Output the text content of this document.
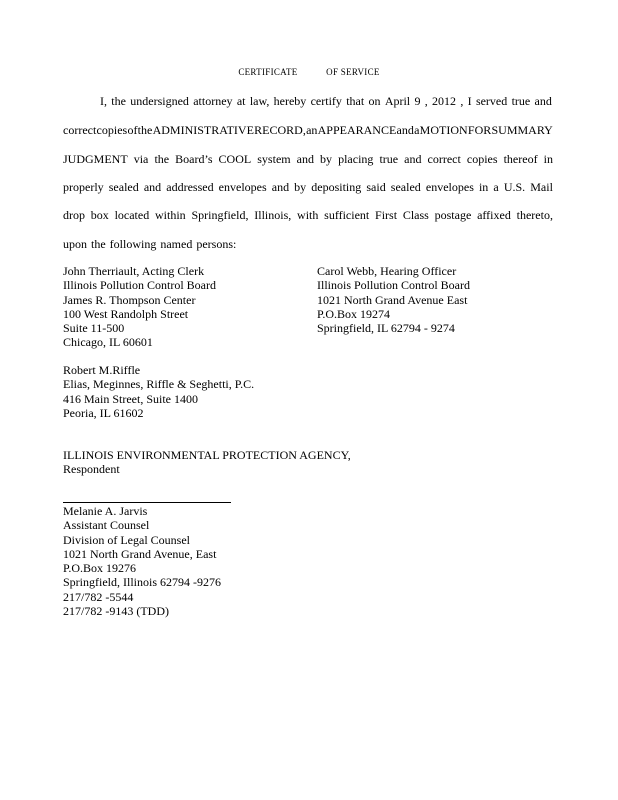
CERTIFICATE	OF SERVICE
I, the undersigned attorney at law, hereby certify that on April 9 , 2012 , I served true and
correct copies of the ADMINISTRATIVE RECORD, an APPEARANCE and a MOTION FOR SUMMARY
JUDGMENT via the Board’s COOL system and by placing true and correct copies thereof in
properly sealed and addressed envelopes and by depositing said sealed envelopes in a U.S. Mail
drop box located within Springfield, Illinois, with sufficient First Class postage affixed thereto,
upon the following named persons:
John Therriault, Acting Clerk
Illinois Pollution Control Board
James R. Thompson Center
100 West Randolph Street
Suite 11-500
Chicago, IL 60601
Carol Webb, Hearing Officer
Illinois Pollution Control Board
1021 North Grand Avenue East
P.O.Box 19274
Springfield, IL 62794 - 9274
Robert M.Riffle
Elias, Meginnes, Riffle & Seghetti, P.C.
416 Main Street, Suite 1400
Peoria, IL 61602
ILLINOIS ENVIRONMENTAL PROTECTION AGENCY,
Respondent
Melanie A. Jarvis
Assistant Counsel
Division of Legal Counsel
1021 North Grand Avenue, East
P.O.Box 19276
Springfield, Illinois 62794 -9276
217/782 -5544
217/782 -9143 (TDD)
